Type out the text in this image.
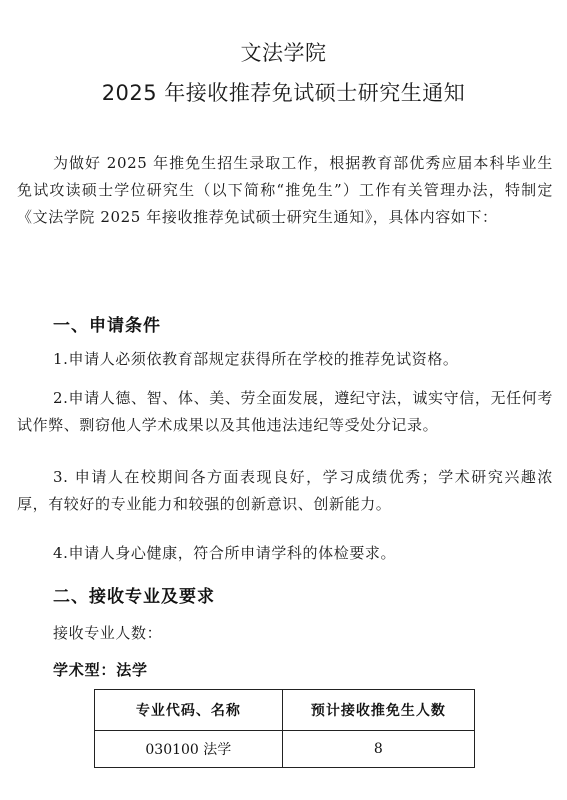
文法学院
2025 年接收推荐免试硕士研究生通知
为做好 2025 年推免生招生录取工作，根据教育部优秀应届本科毕业生免试攻读硕士学位研究生（以下简称“推免生”）工作有关管理办法，特制定《文法学院 2025 年接收推荐免试硕士研究生通知》，具体内容如下：
一、申请条件
1.申请人必须依教育部规定获得所在学校的推荐免试资格。
2.申请人德、智、体、美、劳全面发展，遵纪守法，诚实守信，无任何考试作弊、剽窃他人学术成果以及其他违法违纪等受处分记录。
3. 申请人在校期间各方面表现良好，学习成绩优秀；学术研究兴趣浓厚，有较好的专业能力和较强的创新意识、创新能力。
4.申请人身心健康，符合所申请学科的体检要求。
二、接收专业及要求
接收专业人数：
学术型：法学
专业代码、名称	预计接收推免生人数
030100 法学	8
